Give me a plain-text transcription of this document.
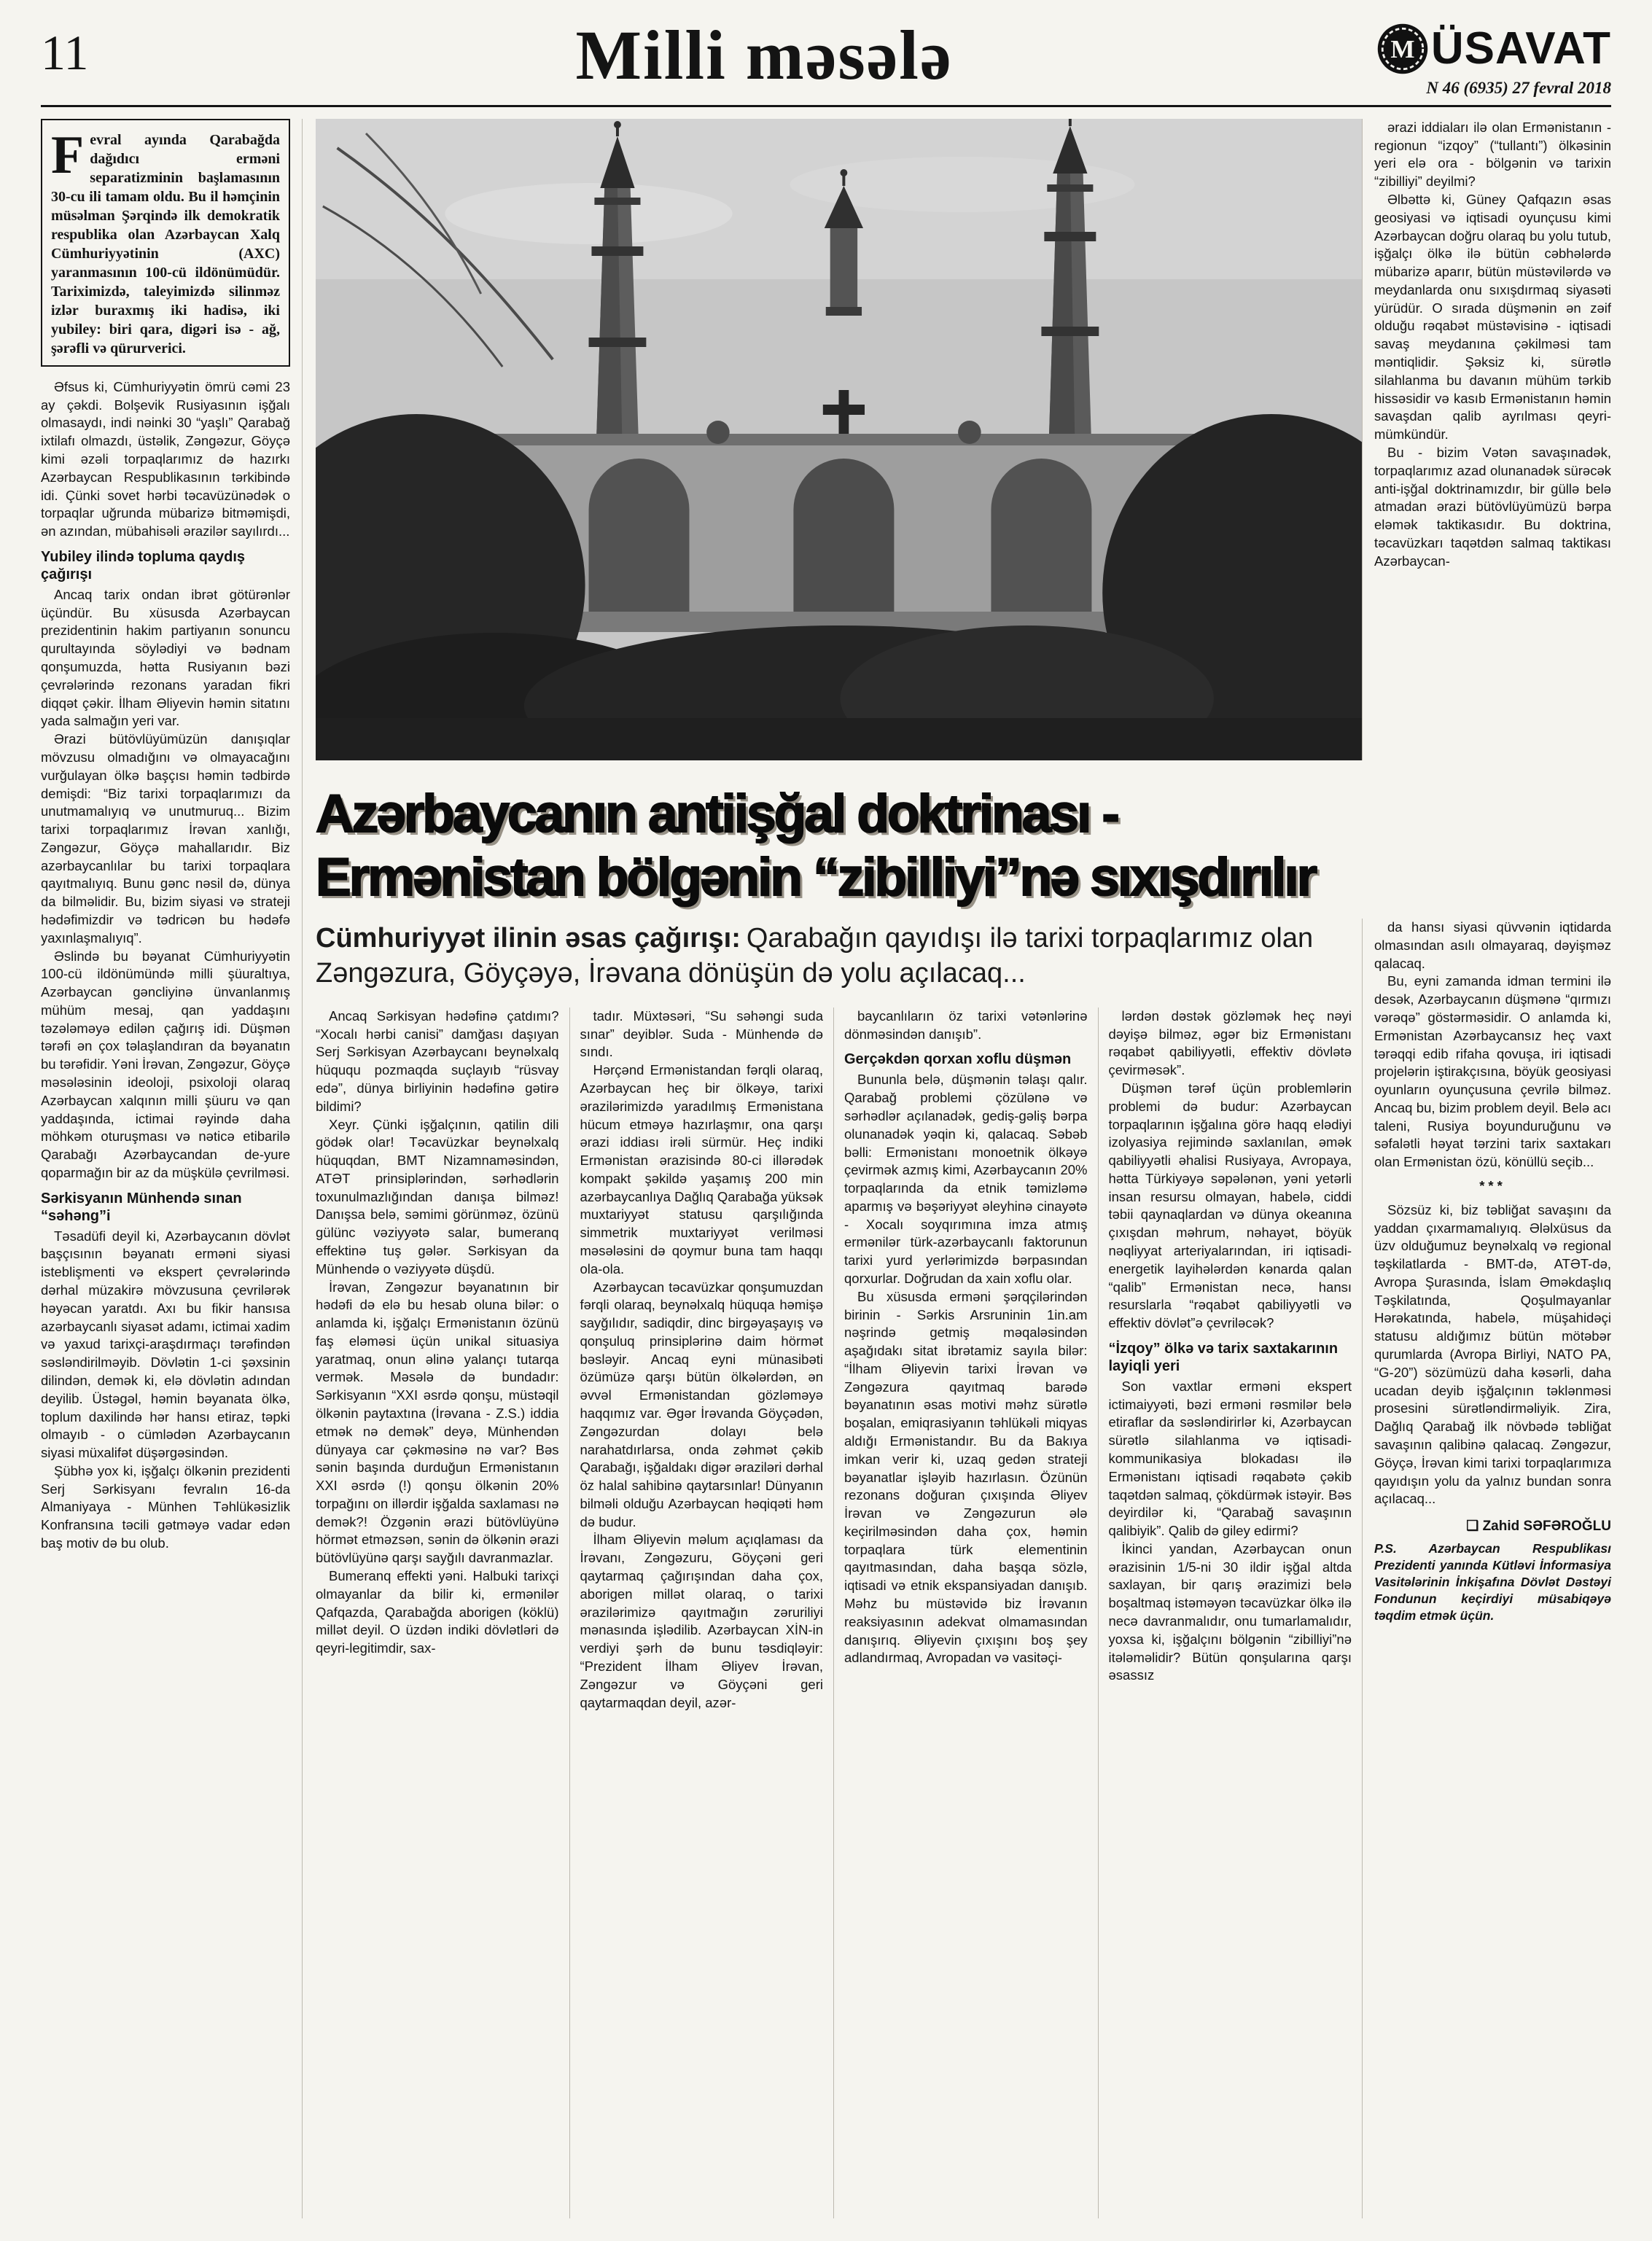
11	Milli məsələ	M ÜSAVAT
N 46 (6935) 27 fevral 2018
Fevral ayında Qarabağda dağıdıcı erməni separatizminin başlamasının 30-cu ili tamam oldu. Bu il həmçinin müsəlman Şərqində ilk demokratik respublika olan Azərbaycan Xalq Cümhuriyyətinin (AXC) yaranmasının 100-cü ildönümüdür. Tariximizdə, taleyimizdə silinməz izlər buraxmış iki hadisə, iki yubiley: biri qara, digəri isə - ağ, şərəfli və qürurverici.

Əfsus ki, Cümhuriyyətin ömrü cəmi 23 ay çəkdi. Bolşevik Rusiyasının işğalı olmasaydı, indi nəinki 30 “yaşlı” Qarabağ ixtilafı olmazdı, üstəlik, Zəngəzur, Göyçə kimi əzəli torpaqlarımız də hazırkı Azərbaycan Respublikasının tərkibində idi. Çünki sovet hərbi təcavüzünədək o torpaqlar uğrunda mübarizə bitməmişdi, ən azından, mübahisəli ərazilər sayılırdı...

Yubiley ilində topluma qaydış çağırışı

Ancaq tarix ondan ibrət götürənlər üçündür. Bu xüsusda Azərbaycan prezidentinin hakim partiyanın sonuncu qurultayında söylədiyi və bədnam qonşumuzda, hətta Rusiyanın bəzi çevrələrində rezonans yaradan fikri diqqət çəkir. İlham Əliyevin həmin sitatını yada salmağın yeri var.

Ərazi bütövlüyümüzün danışıqlar mövzusu olmadığını və olmayacağını vurğulayan ölkə başçısı həmin tədbirdə demişdi: “Biz tarixi torpaqlarımızı da unutmamalıyıq və unutmuruq... Bizim tarixi torpaqlarımız İrəvan xanlığı, Zəngəzur, Göyçə mahallarıdır. Biz azərbaycanlılar bu tarixi torpaqlara qayıtmalıyıq. Bunu gənc nəsil də, dünya da bilməlidir. Bu, bizim siyasi və strateji hədəfimizdir və tədricən bu hədəfə yaxınlaşmalıyıq”.

Əslində bu bəyanat Cümhuriyyətin 100-cü ildönümündə milli şüuraltıya, Azərbaycan gəncliyinə ünvanlanmış mühüm mesaj, qan yaddaşını təzələməyə edilən çağırış idi. Düşmən tərəfi ən çox təlaşlandıran da bəyanatın bu tərəfidir. Yəni İrəvan, Zəngəzur, Göyçə məsələsinin ideoloji, psixoloji olaraq Azərbaycan xalqının milli şüuru və qan yaddaşında, ictimai rəyində daha möhkəm oturuşması və nəticə etibarilə Qarabağı Azərbaycandan de-yure qoparmağın bir az da müşkülə çevrilməsi.

Sərkisyanın Münhendə sınan “səhəng”i

Təsadüfi deyil ki, Azərbaycanın dövlət başçısının bəyanatı erməni siyasi isteblişmenti və ekspert çevrələrində dərhal müzakirə mövzusuna çevrilərək həyəcan yaratdı. Axı bu fikir hansısa azərbaycanlı siyasət adamı, ictimai xadim və yaxud tarixçi-araşdırmaçı tərəfindən səsləndirilməyib. Dövlətin 1-ci şəxsinin dilindən, demək ki, elə dövlətin adından deyilib. Üstəgəl, həmin bəyanata ölkə, toplum daxilində hər hansı etiraz, təpki olmayıb - o cümlədən Azərbaycanın siyasi müxalifət düşərgəsindən.

Şübhə yox ki, işğalçı ölkənin prezidenti Serj Sərkisyanı fevralın 16-da Almaniyaya - Münhen Təhlükəsizlik Konfransına təcili gətməyə vadar edən baş motiv də bu olub.

ərazi iddiaları ilə olan Ermənistanın - regionun “izqoy” (“tullantı”) ölkəsinin yeri elə ora - bölgənin və tarixin “zibilliyi” deyilmi?

Əlbəttə ki, Güney Qafqazın əsas geosiyasi və iqtisadi oyunçusu kimi Azərbaycan doğru olaraq bu yolu tutub, işğalçı ölkə ilə bütün cəbhələrdə mübarizə aparır, bütün müstəvilərdə və meydanlarda onu sıxışdırmaq siyasəti yürüdür. O sırada düşmənin ən zəif olduğu rəqabət müstəvisinə - iqtisadi savaş meydanına çəkilməsi tam məntiqlidir. Şəksiz ki, sürətlə silahlanma bu davanın mühüm tərkib hissəsidir və kasıb Ermənistanın həmin savaşdan qalib ayrılması qeyri-mümkündür.

Bu - bizim Vətən savaşınadək, torpaqlarımız azad olunanadək sürəcək anti-işğal doktrinamızdır, bir güllə belə atmadan ərazi bütövlüyümüzü bərpa eləmək taktikasıdır. Bu doktrina, təcavüzkarı taqətdən salmaq taktikası Azərbaycan-

Azərbaycanın antiişğal doktrinası -
Ermənistan bölgənin “zibilliyi”nə sıxışdırılır

Cümhuriyyət ilinin əsas çağırışı: Qarabağın qayıdışı ilə tarixi torpaqlarımız olan Zəngəzura, Göyçəyə, İrəvana dönüşün də yolu açılacaq...

Ancaq Sərkisyan hədəfinə çatdımı? “Xocalı hərbi canisi” damğası daşıyan Serj Sərkisyan Azərbaycanı beynəlxalq hüququ pozmaqda suçlayıb “rüsvay edə”, dünya birliyinin hədəfinə gətirə bildimi?

Xeyr. Çünki işğalçının, qatilin dili gödək olar! Təcavüzkar beynəlxalq hüquqdan, BMT Nizamnaməsindən, ATƏT prinsiplərindən, sərhədlərin toxunulmazlığından danışa bilməz! Danışsa belə, səmimi görünməz, özünü gülünc vəziyyətə salar, bumeranq effektinə tuş gələr. Sərkisyan da Münhendə o vəziyyətə düşdü.

İrəvan, Zəngəzur bəyanatının bir hədəfi də elə bu hesab oluna bilər: o anlamda ki, işğalçı Ermənistanın özünü faş eləməsi üçün unikal situasiya yaratmaq, onun əlinə yalançı tutarqa vermək. Məsələ də bundadır: Sərkisyanın “XXI əsrdə qonşu, müstəqil ölkənin paytaxtına (İrəvana - Z.S.) iddia etmək nə demək” deyə, Münhendən dünyaya car çəkməsinə nə var? Bəs sənin başında durduğun Ermənistanın XXI əsrdə (!) qonşu ölkənin 20% torpağını on illərdir işğalda saxlaması nə demək?! Özgənin ərazi bütövlüyünə hörmət etməzsən, sənin də ölkənin ərazi bütövlüyünə qarşı sayğılı davranmazlar.

Bumeranq effekti yəni. Halbuki tarixçi olmayanlar da bilir ki, ermənilər Qafqazda, Qarabağda aborigen (köklü) millət deyil. O üzdən indiki dövlətləri də qeyri-legitimdir, sax-

tadır. Müxtəsəri, “Su səhəngi suda sınar” deyiblər. Suda - Münhendə də sındı.

Hərçənd Ermənistandan fərqli olaraq, Azərbaycan heç bir ölkəyə, tarixi ərazilərimizdə yaradılmış Ermənistana hücum etməyə hazırlaşmır, ona qarşı ərazi iddiası irəli sürmür. Heç indiki Ermənistan ərazisində 80-ci illərədək kompakt şəkildə yaşamış 200 min azərbaycanlıya Dağlıq Qarabağa yüksək muxtariyyət statusu qarşılığında simmetrik muxtariyyət verilməsi məsələsini də qoymur buna tam haqqı ola-ola.

Azərbaycan təcavüzkar qonşumuzdan fərqli olaraq, beynəlxalq hüquqa həmişə sayğılıdır, sadiqdir, dinc birgəyaşayış və qonşuluq prinsiplərinə daim hörmət bəsləyir. Ancaq eyni münasibəti özümüzə qarşı bütün ölkələrdən, ən əvvəl Ermənistandan gözləməyə haqqımız var. Əgər İrəvanda Göyçədən, Zəngəzurdan dolayı belə narahatdırlarsa, onda zəhmət çəkib Qarabağı, işğaldakı digər əraziləri dərhal öz halal sahibinə qaytarsınlar! Dünyanın bilməli olduğu Azərbaycan həqiqəti həm də budur.

İlham Əliyevin məlum açıqlaması da İrəvanı, Zəngəzuru, Göyçəni geri qaytarmaq çağırışından daha çox, aborigen millət olaraq, o tarixi ərazilərimizə qayıtmağın zəruriliyi mənasında işlədilib. Azərbaycan XİN-in verdiyi şərh də bunu təsdiqləyir: “Prezident İlham Əliyev İrəvan, Zəngəzur və Göyçəni geri qaytarmaqdan deyil, azər-

baycanlıların öz tarixi vətənlərinə dönməsindən danışıb”.

Gerçəkdən qorxan xoflu düşmən

Bununla belə, düşmənin təlaşı qalır. Qarabağ problemi çözülənə və sərhədlər açılanadək, gediş-gəliş bərpa olunanadək yəqin ki, qalacaq. Səbəb bəlli: Ermənistanı monoetnik ölkəyə çevirmək azmış kimi, Azərbaycanın 20% torpaqlarında da etnik təmizləmə aparmış və bəşəriyyət əleyhinə cinayətə - Xocalı soyqırımına imza atmış ermənilər türk-azərbaycanlı faktorunun tarixi yurd yerlərimizdə bərpasından qorxurlar. Doğrudan da xain xoflu olar.

Bu xüsusda erməni şərqçilərindən birinin - Sərkis Arsruninin 1in.am nəşrində getmiş məqaləsindən aşağıdakı sitat ibrətamiz sayıla bilər: “İlham Əliyevin tarixi İrəvan və Zəngəzura qayıtmaq barədə bəyanatının əsas motivi məhz sürətlə boşalan, emiqrasiyanın təhlükəli miqyas aldığı Ermənistandır. Bu da Bakıya imkan verir ki, uzaq gedən strateji bəyanatlar işləyib hazırlasın. Özünün rezonans doğuran çıxışında Əliyev İrəvan və Zəngəzurun ələ keçirilməsindən daha çox, həmin torpaqlara türk elementinin qayıtmasından, daha başqa sözlə, iqtisadi və etnik ekspansiyadan danışıb. Məhz bu müstəvidə biz İrəvanın reaksiyasının adekvat olmamasından danışırıq. Əliyevin çıxışını boş şey adlandırmaq, Avropadan və vasitəçi-

lərdən dəstək gözləmək heç nəyi dəyişə bilməz, əgər biz Ermənistanı rəqabət qabiliyyətli, effektiv dövlətə çevirməsək”.

Düşmən tərəf üçün problemlərin problemi də budur: Azərbaycan torpaqlarının işğalına görə haqq elədiyi izolyasiya rejimində saxlanılan, əmək qabiliyyətli əhalisi Rusiyaya, Avropaya, hətta Türkiyəyə səpələnən, yəni yetərli insan resursu olmayan, habelə, ciddi təbii qaynaqlardan və dünya okeanına çıxışdan məhrum, nəhayət, böyük nəqliyyat arteriyalarından, iri iqtisadi-energetik layihələrdən kənarda qalan “qalib” Ermənistan necə, hansı resurslarla “rəqabət qabiliyyətli və effektiv dövlət”ə çevriləcək?

“İzqoy” ölkə və tarix saxtakarının layiqli yeri

Son vaxtlar erməni ekspert ictimaiyyəti, bəzi erməni rəsmilər belə etiraflar da səsləndirirlər ki, Azərbaycan sürətlə silahlanma və iqtisadi-kommunikasiya blokadası ilə Ermənistanı iqtisadi rəqabətə çəkib taqətdən salmaq, çökdürmək istəyir. Bəs deyirdilər ki, “Qarabağ savaşının qalibiyik”. Qalib də giley edirmi?

İkinci yandan, Azərbaycan onun ərazisinin 1/5-ni 30 ildir işğal altda saxlayan, bir qarış ərazimizi belə boşaltmaq istəməyən təcavüzkar ölkə ilə necə davranmalıdır, onu tumarlamalıdır, yoxsa ki, işğalçını bölgənin “zibilliyi”nə itələməlidir? Bütün qonşularına qarşı əsassız

da hansı siyasi qüvvənin iqtidarda olmasından asılı olmayaraq, dəyişməz qalacaq.

Bu, eyni zamanda idman termini ilə desək, Azərbaycanın düşmənə “qırmızı vərəqə” göstərməsidir. O anlamda ki, Ermənistan Azərbaycansız heç vaxt tərəqqi edib rifaha qovuşa, iri iqtisadi projelərin iştirakçısına, böyük geosiyasi oyunların oyunçusuna çevrilə bilməz. Ancaq bu, bizim problem deyil. Belə acı taleni, Rusiya boyunduruğunu və səfalətli həyat tərzini tarix saxtakarı olan Ermənistan özü, könüllü seçib...

***

Sözsüz ki, biz təbliğat savaşını da yaddan çıxarmamalıyıq. Ələlxüsus da üzv olduğumuz beynəlxalq və regional təşkilatlarda - BMT-də, ATƏT-də, Avropa Şurasında, İslam Əməkdaşlıq Təşkilatında, Qoşulmayanlar Hərəkatında, habelə, müşahidəçi statusu aldığımız bütün mötəbər qurumlarda (Avropa Birliyi, NATO PA, “G-20”) sözümüzü daha kəsərli, daha ucadan deyib işğalçının təklənməsi prosesini sürətləndirməliyik. Zira, Dağlıq Qarabağ ilk növbədə təbliğat savaşının qalibinə qalacaq. Zəngəzur, Göyçə, İrəvan kimi tarixi torpaqlarımıza qayıdışın yolu da yalnız bundan sonra açılacaq...

❑ Zahid SƏFƏROĞLU

P.S. Azərbaycan Respublikası Prezidenti yanında Kütləvi İnformasiya Vasitələrinin İnkişafına Dövlət Dəstəyi Fondunun keçirdiyi müsabiqəyə təqdim etmək üçün.
